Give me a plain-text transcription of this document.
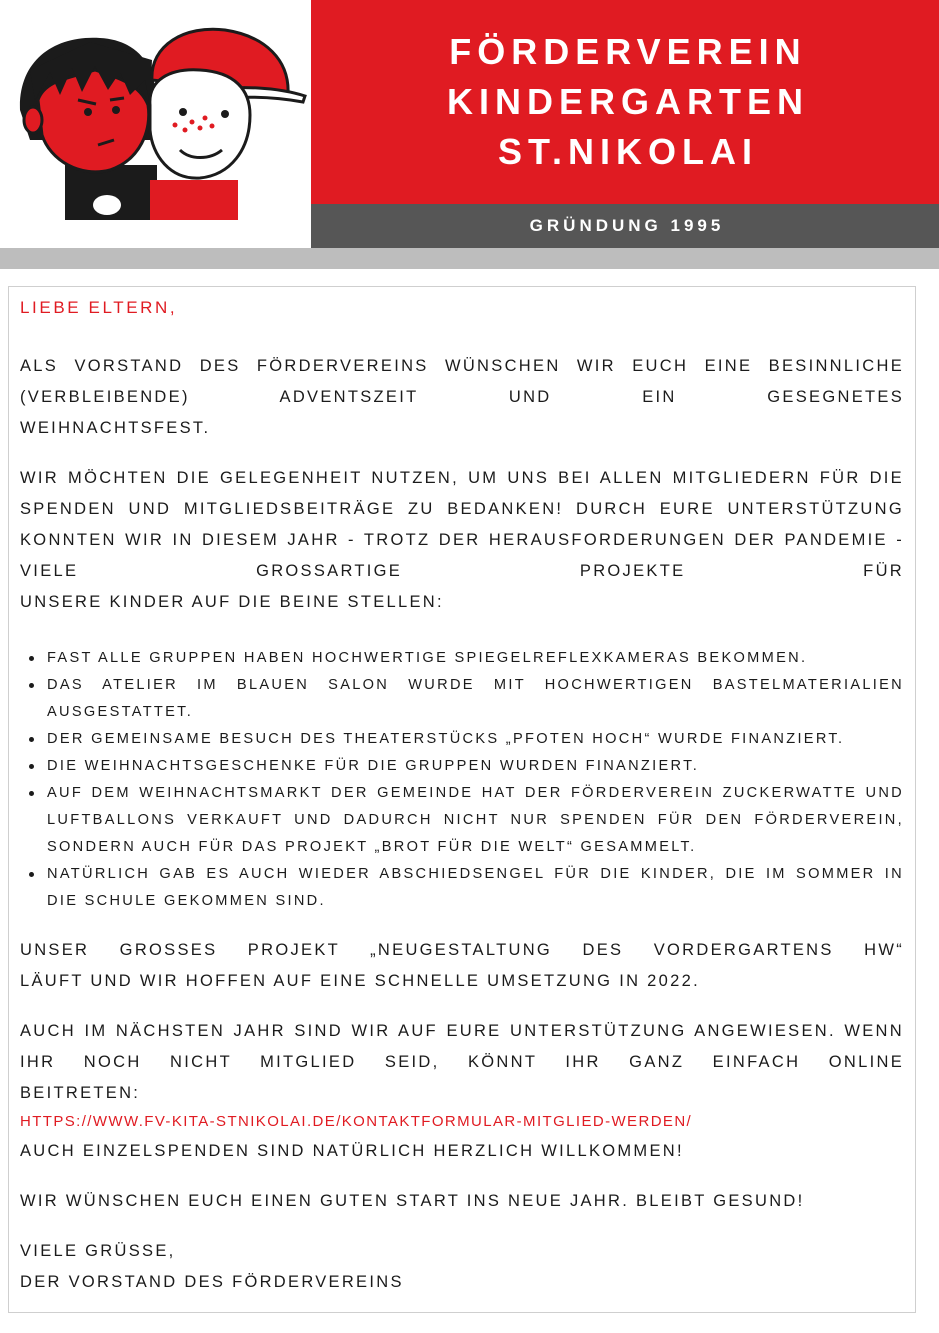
FÖRDERVEREIN
KINDERGARTEN
ST.NIKOLAI
GRÜNDUNG 1995

LIEBE ELTERN,

ALS VORSTAND DES FÖRDERVEREINS WÜNSCHEN WIR EUCH EINE BESINNLICHE (VERBLEIBENDE) ADVENTSZEIT UND EIN GESEGNETES

WEIHNACHTSFEST.

WIR MÖCHTEN DIE GELEGENHEIT NUTZEN, UM UNS BEI ALLEN MITGLIEDERN FÜR DIE SPENDEN UND MITGLIEDSBEITRÄGE ZU BEDANKEN! DURCH EURE UNTERSTÜTZUNG KONNTEN WIR IN DIESEM JAHR - TROTZ DER HERAUSFORDERUNGEN DER PANDEMIE - VIELE GROSSARTIGE PROJEKTE FÜR

UNSERE KINDER AUF DIE BEINE STELLEN:

FAST ALLE GRUPPEN HABEN HOCHWERTIGE SPIEGELREFLEXKAMERAS BEKOMMEN.
DAS ATELIER IM BLAUEN SALON WURDE MIT HOCHWERTIGEN BASTELMATERIALIEN AUSGESTATTET.
DER GEMEINSAME BESUCH DES THEATERSTÜCKS „PFOTEN HOCH“ WURDE FINANZIERT.
DIE WEIHNACHTSGESCHENKE FÜR DIE GRUPPEN WURDEN FINANZIERT.
AUF DEM WEIHNACHTSMARKT DER GEMEINDE HAT DER FÖRDERVEREIN ZUCKERWATTE UND LUFTBALLONS VERKAUFT UND DADURCH NICHT NUR SPENDEN FÜR DEN FÖRDERVEREIN, SONDERN AUCH FÜR DAS PROJEKT „BROT FÜR DIE WELT“ GESAMMELT.
NATÜRLICH GAB ES AUCH WIEDER ABSCHIEDSENGEL FÜR DIE KINDER, DIE IM SOMMER IN DIE SCHULE GEKOMMEN SIND.

UNSER GROSSES PROJEKT „NEUGESTALTUNG DES VORDERGARTENS HW“

LÄUFT UND WIR HOFFEN AUF EINE SCHNELLE UMSETZUNG IN 2022.

AUCH IM NÄCHSTEN JAHR SIND WIR AUF EURE UNTERSTÜTZUNG ANGEWIESEN. WENN IHR NOCH NICHT MITGLIED SEID, KÖNNT IHR GANZ EINFACH ONLINE

BEITRETEN:

HTTPS://WWW.FV-KITA-STNIKOLAI.DE/KONTAKTFORMULAR-MITGLIED-WERDEN/

AUCH EINZELSPENDEN SIND NATÜRLICH HERZLICH WILLKOMMEN!

WIR WÜNSCHEN EUCH EINEN GUTEN START INS NEUE JAHR. BLEIBT GESUND!

VIELE GRÜSSE,

DER VORSTAND DES FÖRDERVEREINS
